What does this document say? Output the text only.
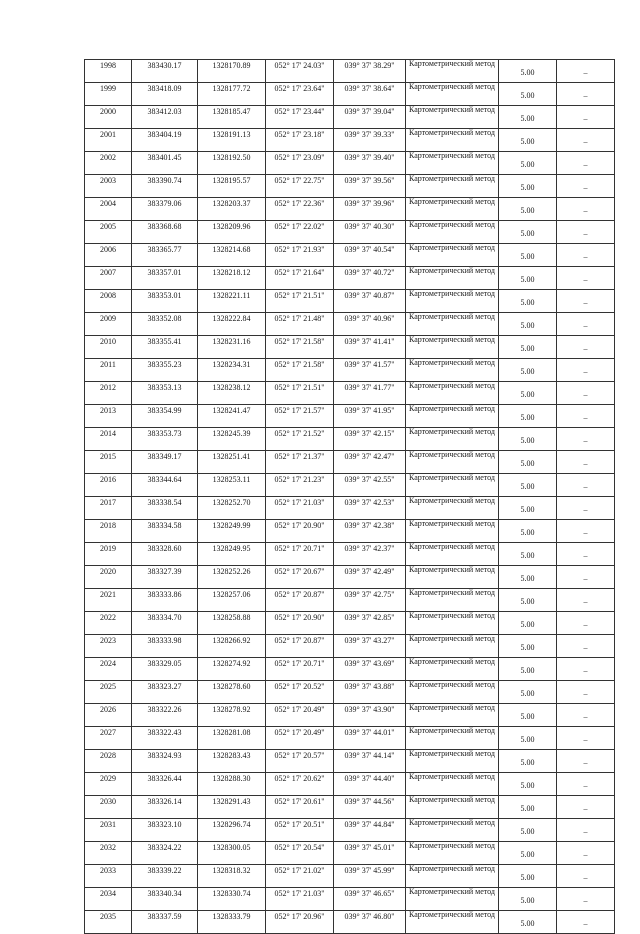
1998	383430.17	1328170.89	052° 17' 24.03"	039° 37' 38.29"	Картометрический метод	5.00	–
1999	383418.09	1328177.72	052° 17' 23.64"	039° 37' 38.64"	Картометрический метод	5.00	–
2000	383412.03	1328185.47	052° 17' 23.44"	039° 37' 39.04"	Картометрический метод	5.00	–
2001	383404.19	1328191.13	052° 17' 23.18"	039° 37' 39.33"	Картометрический метод	5.00	–
2002	383401.45	1328192.50	052° 17' 23.09"	039° 37' 39.40"	Картометрический метод	5.00	–
2003	383390.74	1328195.57	052° 17' 22.75"	039° 37' 39.56"	Картометрический метод	5.00	–
2004	383379.06	1328203.37	052° 17' 22.36"	039° 37' 39.96"	Картометрический метод	5.00	–
2005	383368.68	1328209.96	052° 17' 22.02"	039° 37' 40.30"	Картометрический метод	5.00	–
2006	383365.77	1328214.68	052° 17' 21.93"	039° 37' 40.54"	Картометрический метод	5.00	–
2007	383357.01	1328218.12	052° 17' 21.64"	039° 37' 40.72"	Картометрический метод	5.00	–
2008	383353.01	1328221.11	052° 17' 21.51"	039° 37' 40.87"	Картометрический метод	5.00	–
2009	383352.08	1328222.84	052° 17' 21.48"	039° 37' 40.96"	Картометрический метод	5.00	–
2010	383355.41	1328231.16	052° 17' 21.58"	039° 37' 41.41"	Картометрический метод	5.00	–
2011	383355.23	1328234.31	052° 17' 21.58"	039° 37' 41.57"	Картометрический метод	5.00	–
2012	383353.13	1328238.12	052° 17' 21.51"	039° 37' 41.77"	Картометрический метод	5.00	–
2013	383354.99	1328241.47	052° 17' 21.57"	039° 37' 41.95"	Картометрический метод	5.00	–
2014	383353.73	1328245.39	052° 17' 21.52"	039° 37' 42.15"	Картометрический метод	5.00	–
2015	383349.17	1328251.41	052° 17' 21.37"	039° 37' 42.47"	Картометрический метод	5.00	–
2016	383344.64	1328253.11	052° 17' 21.23"	039° 37' 42.55"	Картометрический метод	5.00	–
2017	383338.54	1328252.70	052° 17' 21.03"	039° 37' 42.53"	Картометрический метод	5.00	–
2018	383334.58	1328249.99	052° 17' 20.90"	039° 37' 42.38"	Картометрический метод	5.00	–
2019	383328.60	1328249.95	052° 17' 20.71"	039° 37' 42.37"	Картометрический метод	5.00	–
2020	383327.39	1328252.26	052° 17' 20.67"	039° 37' 42.49"	Картометрический метод	5.00	–
2021	383333.86	1328257.06	052° 17' 20.87"	039° 37' 42.75"	Картометрический метод	5.00	–
2022	383334.70	1328258.88	052° 17' 20.90"	039° 37' 42.85"	Картометрический метод	5.00	–
2023	383333.98	1328266.92	052° 17' 20.87"	039° 37' 43.27"	Картометрический метод	5.00	–
2024	383329.05	1328274.92	052° 17' 20.71"	039° 37' 43.69"	Картометрический метод	5.00	–
2025	383323.27	1328278.60	052° 17' 20.52"	039° 37' 43.88"	Картометрический метод	5.00	–
2026	383322.26	1328278.92	052° 17' 20.49"	039° 37' 43.90"	Картометрический метод	5.00	–
2027	383322.43	1328281.08	052° 17' 20.49"	039° 37' 44.01"	Картометрический метод	5.00	–
2028	383324.93	1328283.43	052° 17' 20.57"	039° 37' 44.14"	Картометрический метод	5.00	–
2029	383326.44	1328288.30	052° 17' 20.62"	039° 37' 44.40"	Картометрический метод	5.00	–
2030	383326.14	1328291.43	052° 17' 20.61"	039° 37' 44.56"	Картометрический метод	5.00	–
2031	383323.10	1328296.74	052° 17' 20.51"	039° 37' 44.84"	Картометрический метод	5.00	–
2032	383324.22	1328300.05	052° 17' 20.54"	039° 37' 45.01"	Картометрический метод	5.00	–
2033	383339.22	1328318.32	052° 17' 21.02"	039° 37' 45.99"	Картометрический метод	5.00	–
2034	383340.34	1328330.74	052° 17' 21.03"	039° 37' 46.65"	Картометрический метод	5.00	–
2035	383337.59	1328333.79	052° 17' 20.96"	039° 37' 46.80"	Картометрический метод	5.00	–
